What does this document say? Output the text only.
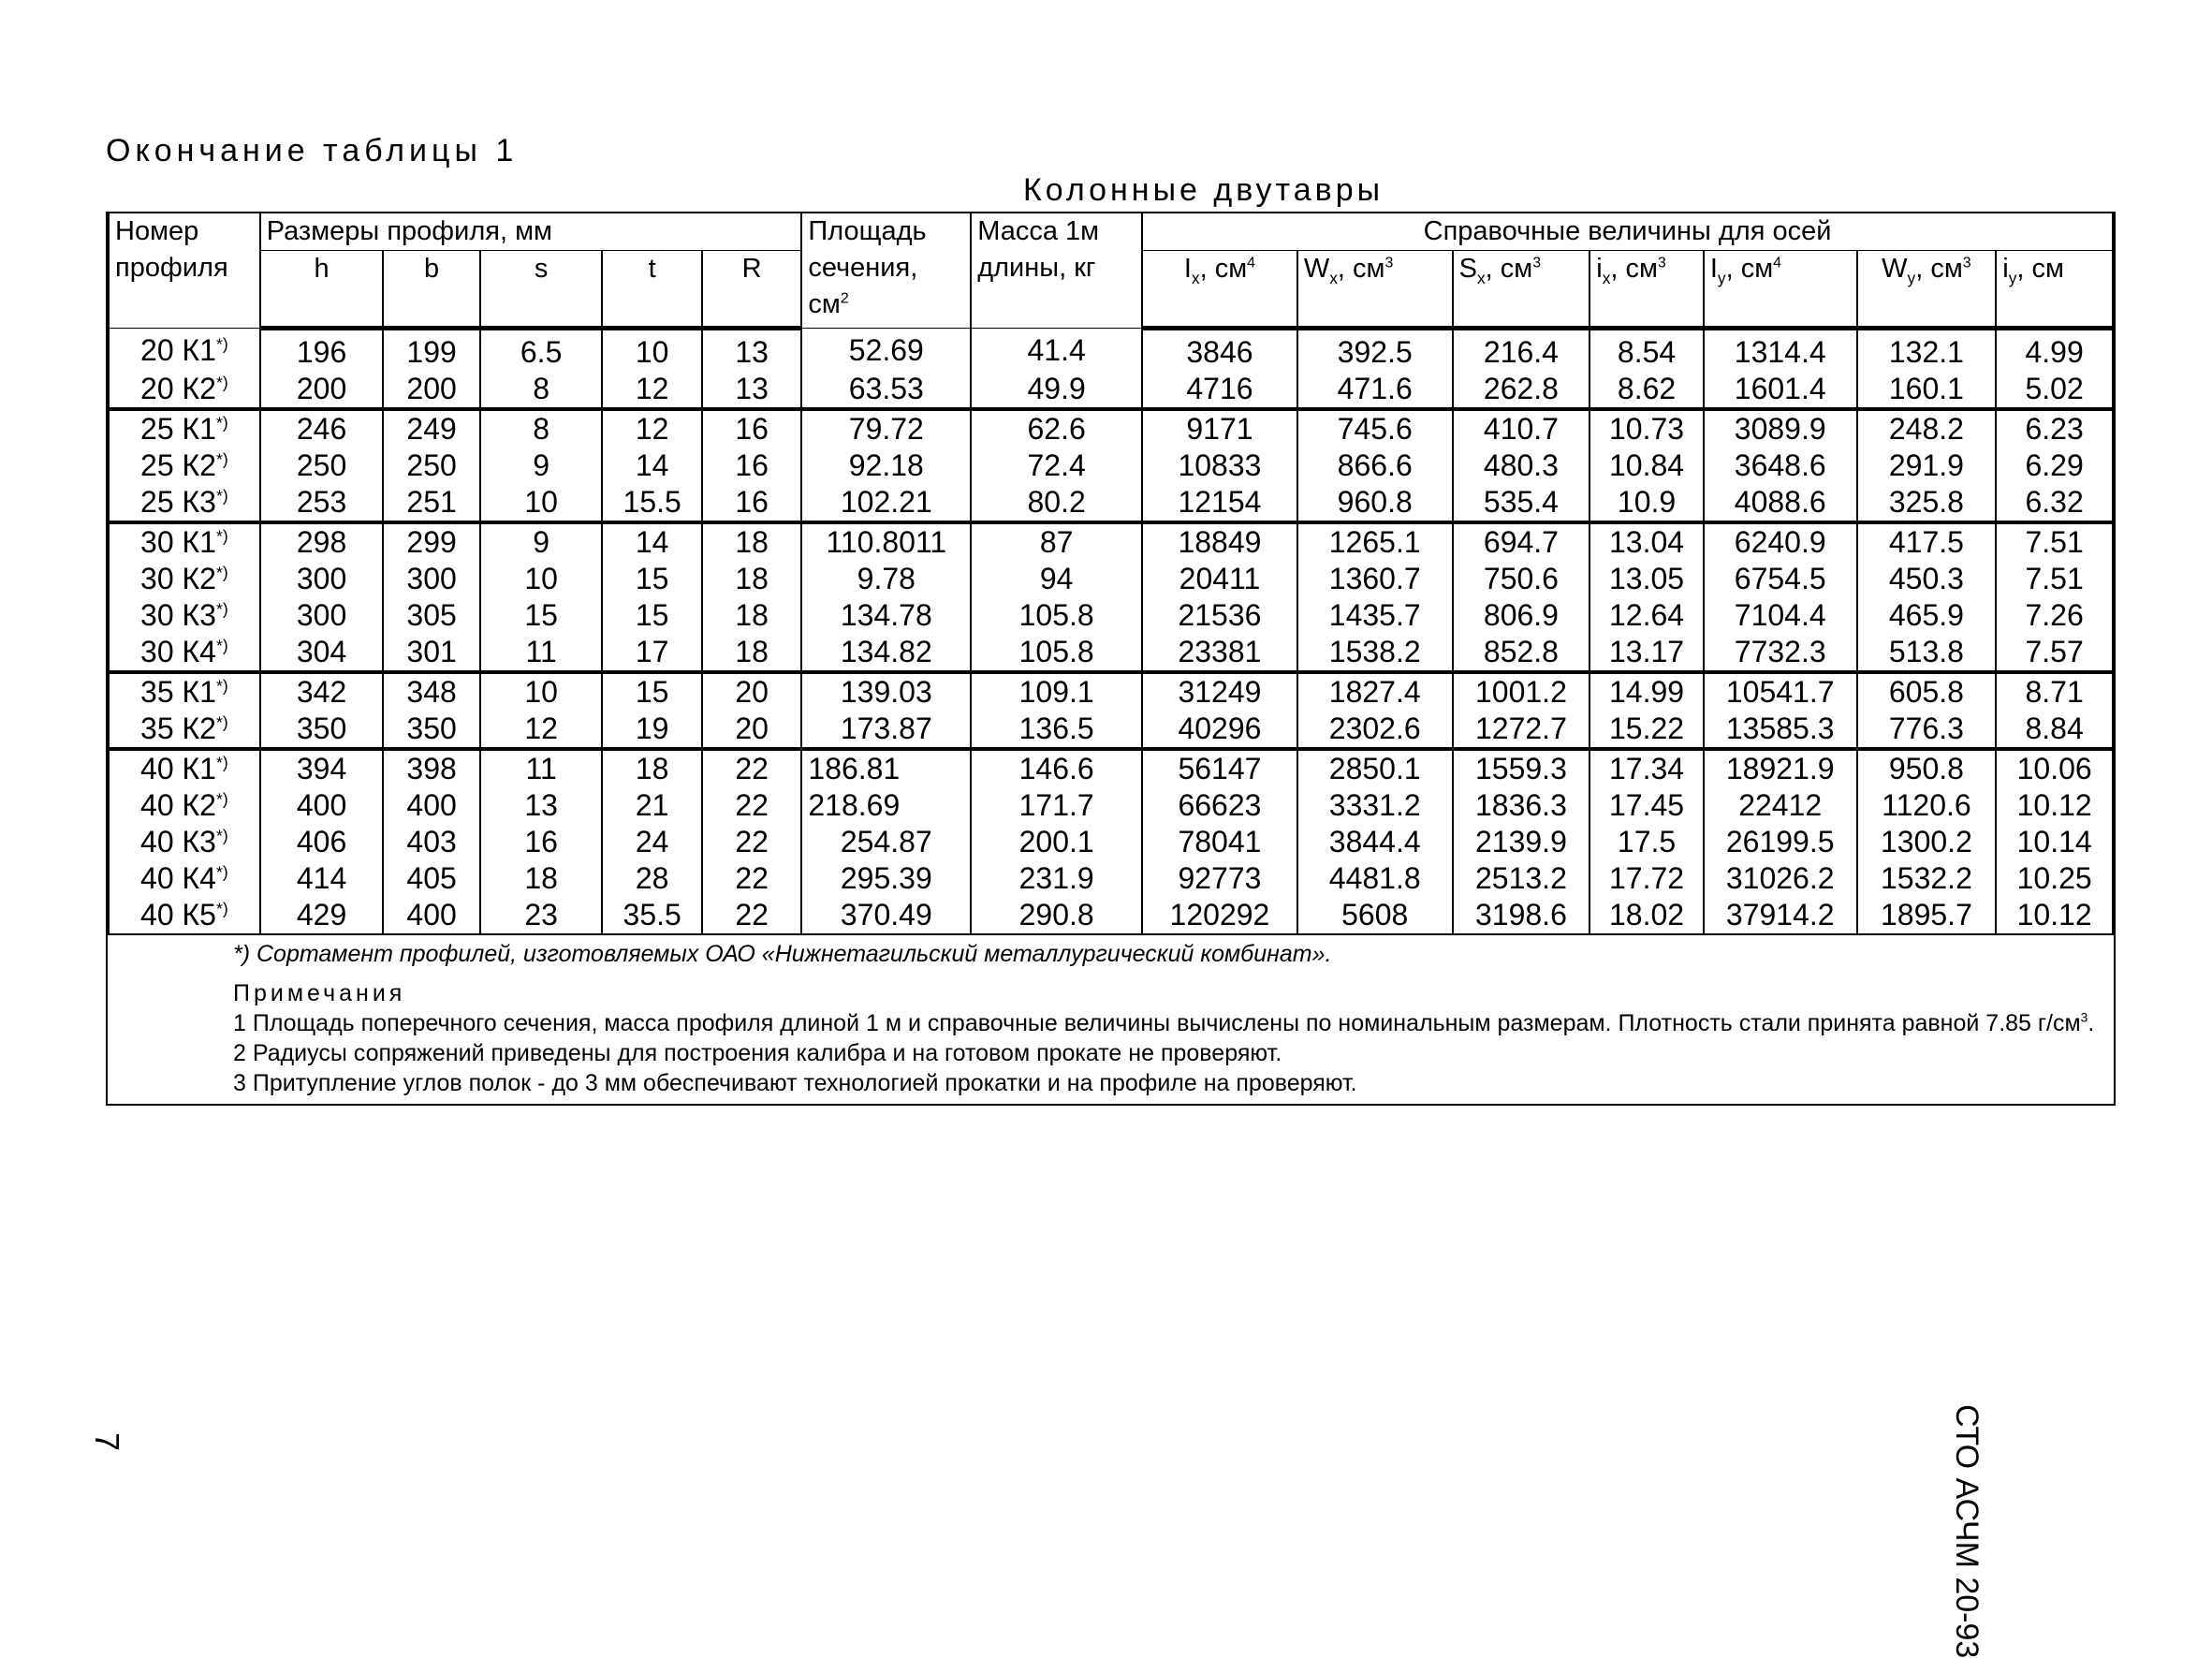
Окончание таблицы 1
Колонные двутавры
Номер профиля	Размеры профиля, мм					Площадь сечения, $см^2$	Масса 1м длины, кг	Справочные величины для осей						
	h	b	s	t	R			$I_x$, $см^4$	$W_x$, $см^3$	$S_x$, $см^3$	$i_x$, $см^3$	$I_y$, $см^4$	$W_y$, $см^3$	$i_y$, см
20 К1*)	196	199	6.5	10	13	52.69	41.4	3846	392.5	216.4	8.54	1314.4	132.1	4.99
20 К2*)	200	200	8	12	13	63.53	49.9	4716	471.6	262.8	8.62	1601.4	160.1	5.02
25 К1*)	246	249	8	12	16	79.72	62.6	9171	745.6	410.7	10.73	3089.9	248.2	6.23
25 К2*)	250	250	9	14	16	92.18	72.4	10833	866.6	480.3	10.84	3648.6	291.9	6.29
25 К3*)	253	251	10	15.5	16	102.21	80.2	12154	960.8	535.4	10.9	4088.6	325.8	6.32
30 К1*)	298	299	9	14	18	110.8011	87	18849	1265.1	694.7	13.04	6240.9	417.5	7.51
30 К2*)	300	300	10	15	18	9.78	94	20411	1360.7	750.6	13.05	6754.5	450.3	7.51
30 К3*)	300	305	15	15	18	134.78	105.8	21536	1435.7	806.9	12.64	7104.4	465.9	7.26
30 К4*)	304	301	11	17	18	134.82	105.8	23381	1538.2	852.8	13.17	7732.3	513.8	7.57
35 К1*)	342	348	10	15	20	139.03	109.1	31249	1827.4	1001.2	14.99	10541.7	605.8	8.71
35 К2*)	350	350	12	19	20	173.87	136.5	40296	2302.6	1272.7	15.22	13585.3	776.3	8.84
40 К1*)	394	398	11	18	22	186.81	146.6	56147	2850.1	1559.3	17.34	18921.9	950.8	10.06
40 К2*)	400	400	13	21	22	218.69	171.7	66623	3331.2	1836.3	17.45	22412	1120.6	10.12
40 К3*)	406	403	16	24	22	254.87	200.1	78041	3844.4	2139.9	17.5	26199.5	1300.2	10.14
40 К4*)	414	405	18	28	22	295.39	231.9	92773	4481.8	2513.2	17.72	31026.2	1532.2	10.25
40 К5*)	429	400	23	35.5	22	370.49	290.8	120292	5608	3198.6	18.02	37914.2	1895.7	10.12

*) Сортамент профилей, изготовляемых ОАО «Нижнетагильский металлургический комбинат».

Примечания

1 Площадь поперечного сечения, масса профиля длиной 1 м и справочные величины вычислены по номинальным размерам. Плотность стали принята равной 7.85 $г/см^3$.

2 Радиусы сопряжений приведены для построения калибра и на готовом прокате не проверяют.

3 Притупление углов полок - до 3 мм обеспечивают технологией прокатки и на профиле на проверяют.

СТО АСЧМ 20-93
7
